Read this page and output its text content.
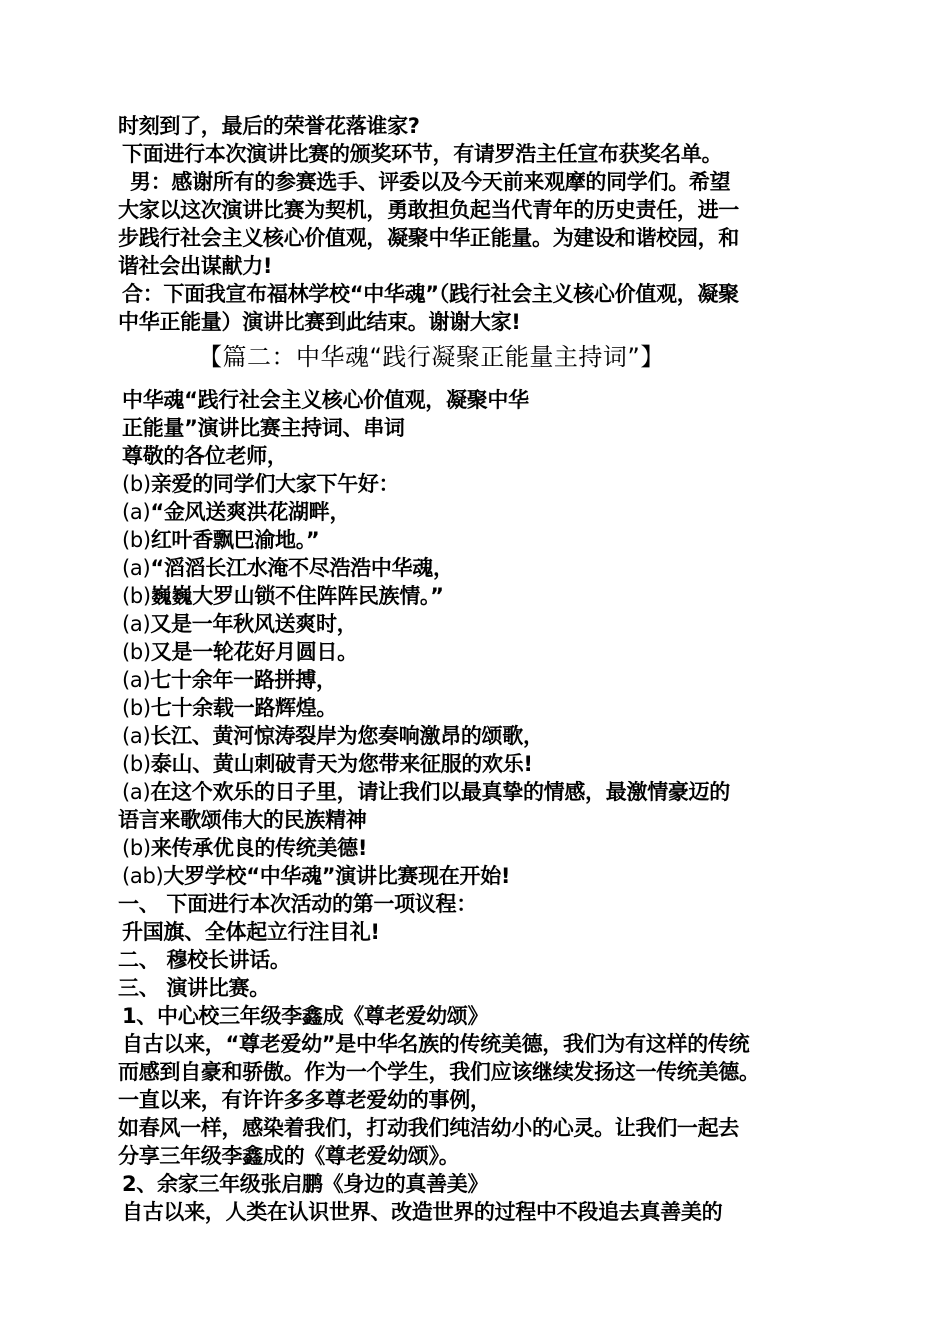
时刻到了，最后的荣誉花落谁家?
下面进行本次演讲比赛的颁奖环节，有请罗浩主任宣布获奖名单。
男：感谢所有的参赛选手、评委以及今天前来观摩的同学们。希望
大家以这次演讲比赛为契机，勇敢担负起当代青年的历史责任，进一
步践行社会主义核心价值观，凝聚中华正能量。为建设和谐校园，和
谐社会出谋献力!
合：下面我宣布福林学校“中华魂”（践行社会主义核心价值观，凝聚
中华正能量）演讲比赛到此结束。谢谢大家!
【篇二：中华魂“践行凝聚正能量主持词”】
中华魂“践行社会主义核心价值观，凝聚中华
正能量”演讲比赛主持词、串词
尊敬的各位老师，
(b)亲爱的同学们大家下午好：
(a)“金风送爽洪花湖畔，
(b)红叶香飘巴渝地。”
(a)“滔滔长江水淹不尽浩浩中华魂，
(b)巍巍大罗山锁不住阵阵民族情。”
(a)又是一年秋风送爽时，
(b)又是一轮花好月圆日。
(a)七十余年一路拼搏，
(b)七十余载一路辉煌。
(a)长江、黄河惊涛裂岸为您奏响激昂的颂歌，
(b)泰山、黄山刺破青天为您带来征服的欢乐!
(a)在这个欢乐的日子里，请让我们以最真挚的情感，最激情豪迈的
语言来歌颂伟大的民族精神
(b)来传承优良的传统美德!
(ab)大罗学校“中华魂”演讲比赛现在开始!
一、 下面进行本次活动的第一项议程：
升国旗、全体起立行注目礼!
二、 穆校长讲话。
三、 演讲比赛。
1、中心校三年级李鑫成《尊老爱幼颂》
自古以来，“尊老爱幼”是中华名族的传统美德，我们为有这样的传统
而感到自豪和骄傲。作为一个学生，我们应该继续发扬这一传统美德。
一直以来，有许许多多尊老爱幼的事例，
如春风一样，感染着我们，打动我们纯洁幼小的心灵。让我们一起去
分享三年级李鑫成的《尊老爱幼颂》。
2、余家三年级张启鹏《身边的真善美》
自古以来，人类在认识世界、改造世界的过程中不段追去真善美的
